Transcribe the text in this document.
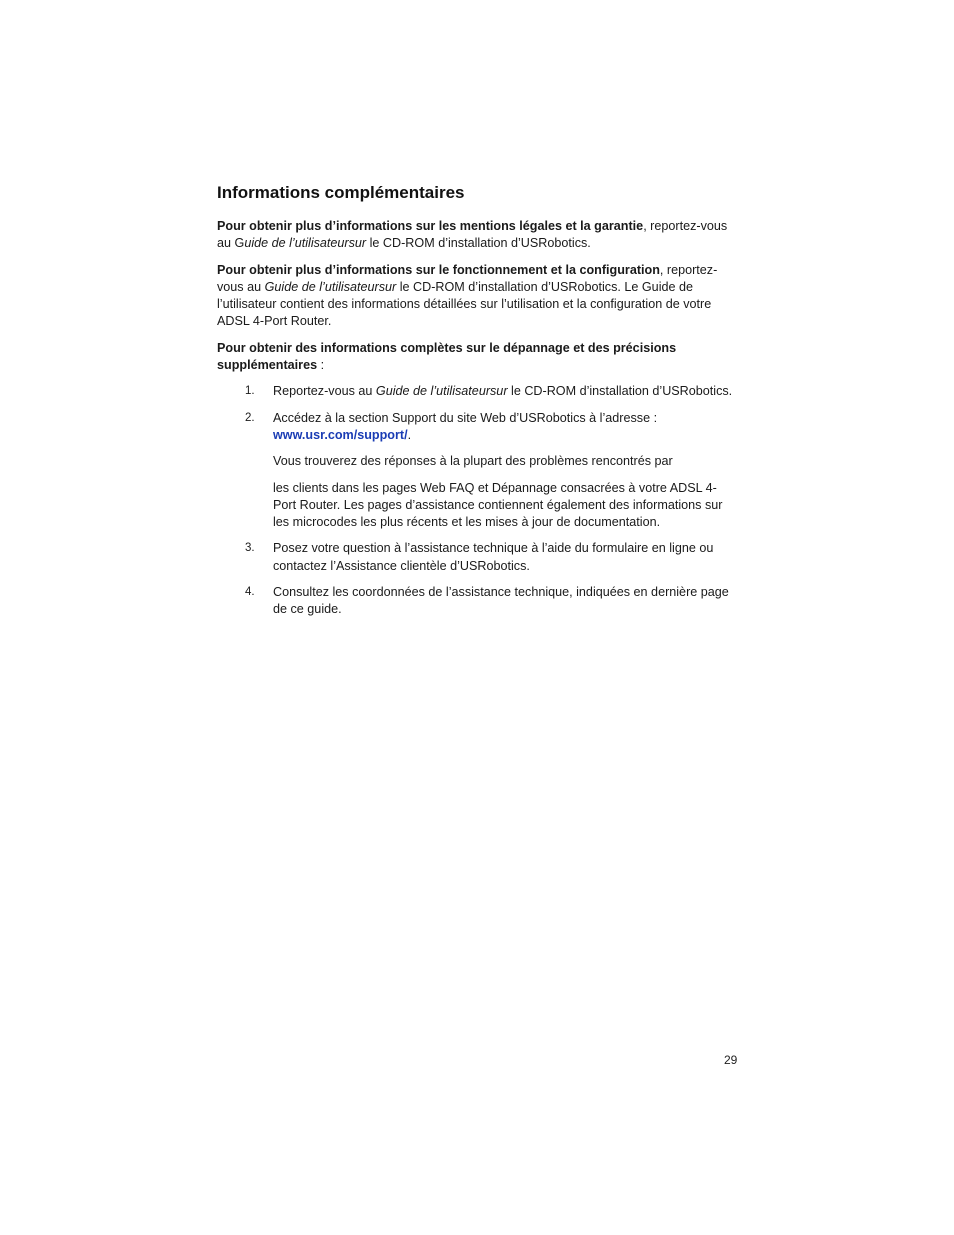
Informations complémentaires

Pour obtenir plus d’informations sur les mentions légales et la garantie, reportez-vous au Guide de l’utilisateursur le CD-ROM d’installation d’USRobotics.

Pour obtenir plus d’informations sur le fonctionnement et la configuration, reportez-vous au Guide de l’utilisateursur le CD-ROM d’installation d’USRobotics. Le Guide de l’utilisateur contient des informations détaillées sur l’utilisation et la configuration de votre ADSL 4-Port Router.

Pour obtenir des informations complètes sur le dépannage et des précisions supplémentaires :

1. Reportez-vous au Guide de l’utilisateursur le CD-ROM d’installation d’USRobotics.
2. Accédez à la section Support du site Web d’USRobotics à l’adresse :
www.usr.com/support/.
Vous trouverez des réponses à la plupart des problèmes rencontrés par
les clients dans les pages Web FAQ et Dépannage consacrées à votre ADSL 4-Port Router. Les pages d’assistance contiennent également des informations sur les microcodes les plus récents et les mises à jour de documentation.
3. Posez votre question à l’assistance technique à l’aide du formulaire en ligne ou contactez l’Assistance clientèle d’USRobotics.
4. Consultez les coordonnées de l’assistance technique, indiquées en dernière page de ce guide.
29
